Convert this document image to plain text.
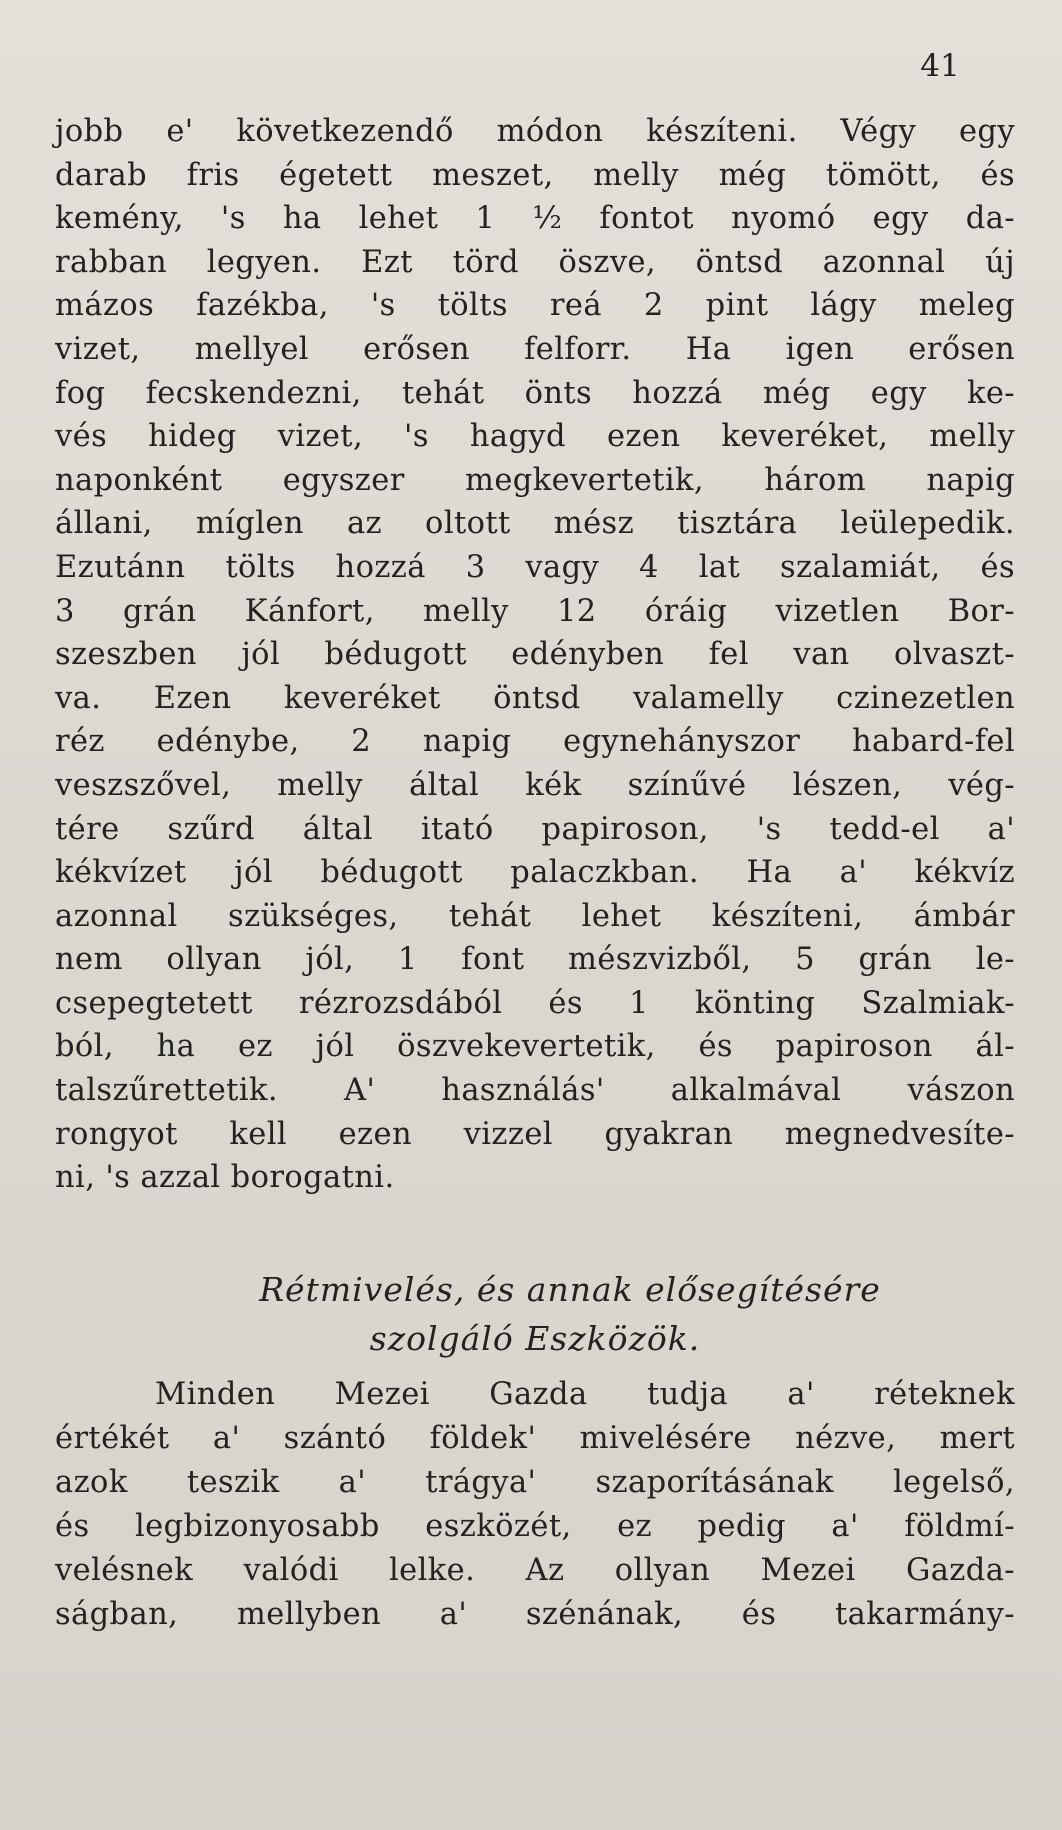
41
jobb e' következendő módon készíteni. Végy egy
darab fris égetett meszet, melly még tömött, és
kemény, 's ha lehet 1 ½ fontot nyomó egy da-
rabban legyen. Ezt törd öszve, öntsd azonnal új
mázos fazékba, 's tölts reá 2 pint lágy meleg
vizet, mellyel erősen felforr. Ha igen erősen
fog fecskendezni, tehát önts hozzá még egy ke-
vés hideg vizet, 's hagyd ezen keveréket, melly
naponként egyszer megkevertetik, három napig
állani, míglen az oltott mész tisztára leülepedik.
Ezutánn tölts hozzá 3 vagy 4 lat szalamiát, és
3 grán Kánfort, melly 12 óráig vizetlen Bor-
szeszben jól bédugott edényben fel van olvaszt-
va. Ezen keveréket öntsd valamelly czinezetlen
réz edénybe, 2 napig egynehányszor habard-fel
veszszővel, melly által kék színűvé lészen, vég-
tére szűrd által itató papiroson, 's tedd-el a'
kékvízet jól bédugott palaczkban. Ha a' kékvíz
azonnal szükséges, tehát lehet készíteni, ámbár
nem ollyan jól, 1 font mészvizből, 5 grán le-
csepegtetett rézrozsdából és 1 könting Szalmiak-
ból, ha ez jól öszvekevertetik, és papiroson ál-
talszűrettetik. A' használás' alkalmával vászon
rongyot kell ezen vizzel gyakran megnedvesíte-
ni, 's azzal borogatni.
Rétmivelés, és annak elősegítésére
szolgáló Eszközök.
Minden Mezei Gazda tudja a' réteknek
értékét a' szántó földek' mivelésére nézve, mert
azok teszik a' trágya' szaporításának legelső,
és legbizonyosabb eszközét, ez pedig a' földmí-
velésnek valódi lelke. Az ollyan Mezei Gazda-
ságban, mellyben a' szénának, és takarmány-
